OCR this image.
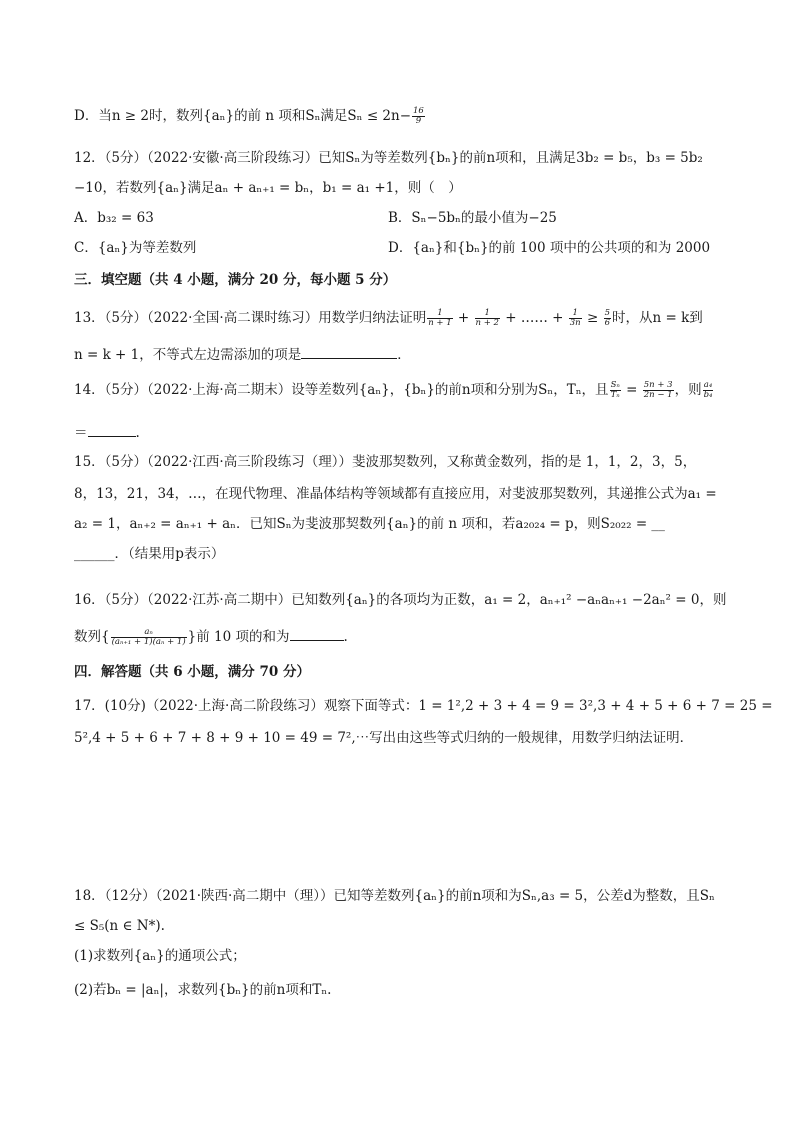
D．当n ≥ 2时，数列{aₙ}的前 n 项和Sₙ满足$S_n \le 2n- \frac{16}{9}$
12．（5分）（2022·安徽·高三阶段练习）已知Sₙ为等差数列{bₙ}的前n项和，且满足3b₂ = b₅，b₃ = 5b₂
−10，若数列{aₙ}满足aₙ + aₙ₊₁ = bₙ，b₁ = a₁ +1，则（　）
A．b₃₂ = 63	B．Sₙ−5bₙ的最小值为−25
C．{aₙ}为等差数列	D．{aₙ}和{bₙ}的前 100 项中的公共项的和为 2000
三．填空题（共 4 小题，满分 20 分，每小题 5 分）
13．（5分）（2022·全国·高二课时练习）用数学归纳法证明 $\frac{1}{n + 1} + \frac{1}{n + 2}$ + …… + $\frac{1}{3n} \ge \frac{5}{6}$ 时，从n = k到
n = k + 1，不等式左边需添加的项是	．
14．（5分）（2022·上海·高二期末）设等差数列{aₙ}，{bₙ}的前n项和分别为Sₙ，Tₙ，且 $\frac{\text{Sₙ}}{\text{Tₙ}} = \frac{5n + 3}{2n - 1}$ ，则 $\frac{\text{a₄}}{\text{b₄}}$
＝	.
15．（5分）（2022·江西·高三阶段练习（理））斐波那契数列，又称黄金数列，指的是 1，1，2，3，5，
8，13，21，34，…，在现代物理、准晶体结构等领域都有直接应用，对斐波那契数列，其递推公式为a₁ =
a₂ = 1，aₙ₊₂ = aₙ₊₁ + aₙ．已知Sₙ为斐波那契数列{aₙ}的前 n 项和，若a₂₀₂₄ = p，则S₂₀₂₂ = __
______．（结果用p表示）
16．（5分）（2022·江苏·高二期中）已知数列{aₙ}的各项均为正数，a₁ = 2，aₙ₊₁² −aₙaₙ₊₁ −2aₙ² = 0，则
数列{ $\frac{\text{aₙ}}{\text{(aₙ₊₁ + 1)(aₙ + 1)}}$ }前 10 项的和为	.
四．解答题（共 6 小题，满分 70 分）
17．(10分)（2022·上海·高二阶段练习）观察下面等式：1 = 1²,2 + 3 + 4 = 9 = 3²,3 + 4 + 5 + 6 + 7 = 25 =
5²,4 + 5 + 6 + 7 + 8 + 9 + 10 = 49 = 7²,⋯写出由这些等式归纳的一般规律，用数学归纳法证明．
18．（12分）（2021·陕西·高二期中（理））已知等差数列{aₙ}的前n项和为Sₙ,a₃ = 5，公差d为整数，且Sₙ
≤ S₅(n ∈ N*).
(1)求数列{aₙ}的通项公式；
(2)若bₙ = |aₙ|，求数列{bₙ}的前n项和Tₙ.
